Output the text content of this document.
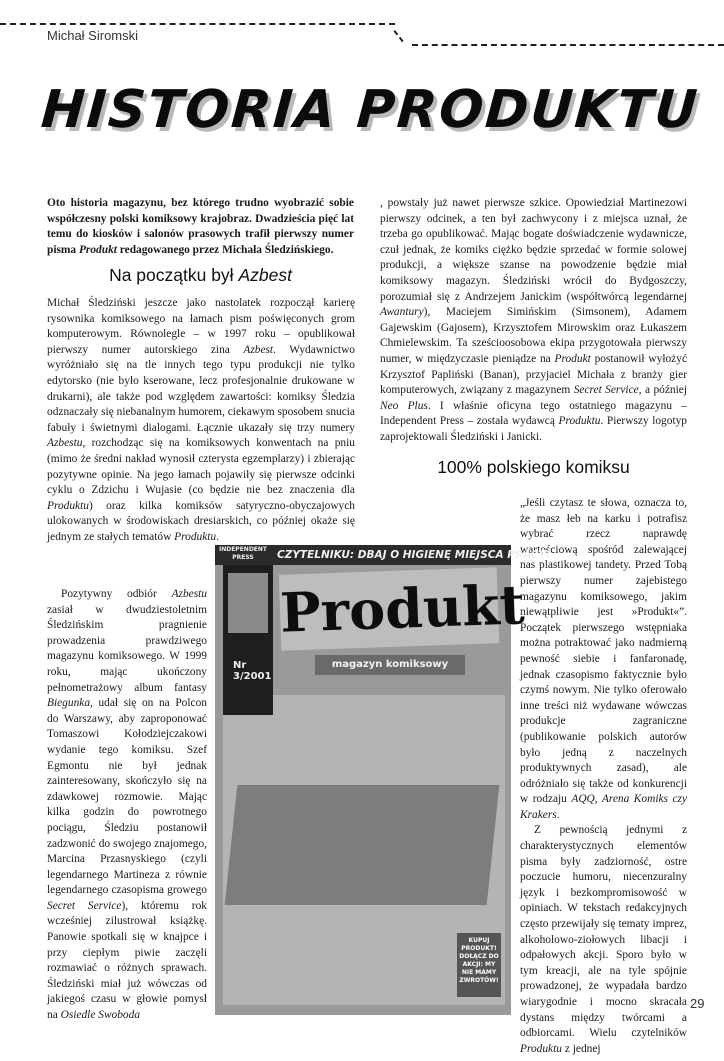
Michał Siromski
HISTORIA PRODUKTU

Oto historia magazynu, bez którego trudno wyobrazić sobie współczesny polski komiksowy krajobraz. Dwadzieścia pięć lat temu do kiosków i salonów prasowych trafił pierwszy numer pisma Produkt redagowanego przez Michała Śledzińskiego.

Na początku był Azbest

Michał Śledziński jeszcze jako nastolatek rozpoczął karierę rysownika komiksowego na łamach pism poświęconych grom komputerowym. Równolegle – w 1997 roku – opublikował pierwszy numer autorskiego zina Azbest. Wydawnictwo wyróżniało się na tle innych tego typu produkcji nie tylko edytorsko (nie było kserowane, lecz profesjonalnie drukowane w drukarni), ale także pod względem zawartości: komiksy Śledzia odznaczały się niebanalnym humorem, ciekawym sposobem snucia fabuły i świetnymi dialogami. Łącznie ukazały się trzy numery Azbestu, rozchodząc się na komiksowych konwentach na pniu (mimo że średni nakład wynosił czterysta egzemplarzy) i zbierając pozytywne opinie. Na jego łamach pojawiły się pierwsze odcinki cyklu o Zdzichu i Wujasie (co będzie nie bez znaczenia dla Produktu) oraz kilka komiksów satyryczno-obyczajowych ulokowanych w środowiskach dresiarskich, co później okaże się jednym ze stałych tematów Produktu.

Pozytywny odbiór Azbestu zasiał w dwudziestoletnim Śledzińskim pragnienie prowadzenia prawdziwego magazynu komiksowego. W 1999 roku, mając ukończony pełnometrażowy album fantasy Biegunka, udał się on na Polcon do Warszawy, aby zaproponować Tomaszowi Kołodziejczakowi wydanie tego komiksu. Szef Egmontu nie był jednak zainteresowany, skończyło się na zdawkowej rozmowie. Mając kilka godzin do powrotnego pociągu, Śledziu postanowił zadzwonić do swojego znajomego, Marcina Przasnyskiego (czyli legendarnego Martineza z równie legendarnego czasopisma growego Secret Service), któremu rok wcześniej zilustrował książkę. Panowie spotkali się w knajpce i przy ciepłym piwie zaczęli rozmawiać o różnych sprawach. Śledziński miał już wówczas od jakiegoś czasu w głowie pomysł na Osiedle Swoboda

, powstały już nawet pierwsze szkice. Opowiedział Martinezowi pierwszy odcinek, a ten był zachwycony i z miejsca uznał, że trzeba go opublikować. Mając bogate doświadczenie wydawnicze, czuł jednak, że komiks ciężko będzie sprzedać w formie solowej produkcji, a większe szanse na powodzenie będzie miał komiksowy magazyn. Śledziński wrócił do Bydgoszczy, porozumiał się z Andrzejem Janickim (współtwórcą legendarnej Awantury), Maciejem Simińskim (Simsonem), Adamem Gajewskim (Gajosem), Krzysztofem Mirowskim oraz Łukaszem Chmielewskim. Ta sześcioosobowa ekipa przygotowała pierwszy numer, w międzyczasie pieniądze na Produkt postanowił wyłożyć Krzysztof Papliński (Banan), przyjaciel Michała z branży gier komputerowych, związany z magazynem Secret Service, a później Neo Plus. I właśnie oficyna tego ostatniego magazynu – Independent Press – została wydawcą Produktu. Pierwszy logotyp zaprojektowali Śledziński i Janicki.

100% polskiego komiksu

„Jeśli czytasz te słowa, oznacza to, że masz łeb na karku i potrafisz wybrać rzecz naprawdę wartościową spośród zalewającej nas plastikowej tandety. Przed Tobą pierwszy numer zajebistego magazynu komiksowego, jakim niewątpliwie jest »Produkt«”. Początek pierwszego wstępniaka można potraktować jako nadmierną pewność siebie i fanfaronadę, jednak czasopismo faktycznie było czymś nowym. Nie tylko oferowało inne treści niż wydawane wówczas produkcje zagraniczne (publikowanie polskich autorów było jedną z naczelnych produktywnych zasad), ale odróżniało się także od konkurencji w rodzaju AQQ, Arena Komiks czy Krakers.

Z pewnością jednymi z charakterystycznych elementów pisma były zadziorność, ostre poczucie humoru, niecenzuralny język i bezkompromisowość w opiniach. W tekstach redakcyjnych często przewijały się tematy imprez, alkoholowo-ziołowych libacji i odpałowych akcji. Sporo było w tym kreacji, ale na tyle spójnie prowadzonej, że wypadała bardzo wiarygodnie i mocno skracała dystans między twórcami a odbiorcami. Wielu czytelników Produktu z jednej

INDEPENDENT PRESS	CZYTELNIKU: DBAJ O HIGIENĘ MIEJSCA PRACY!
Nr 3/2001
Produkt
magazyn komiksowy
KUPUJ PRODUKT! DOŁĄCZ DO AKCJI: MY NIE MAMY ZWROTÓW!
29
